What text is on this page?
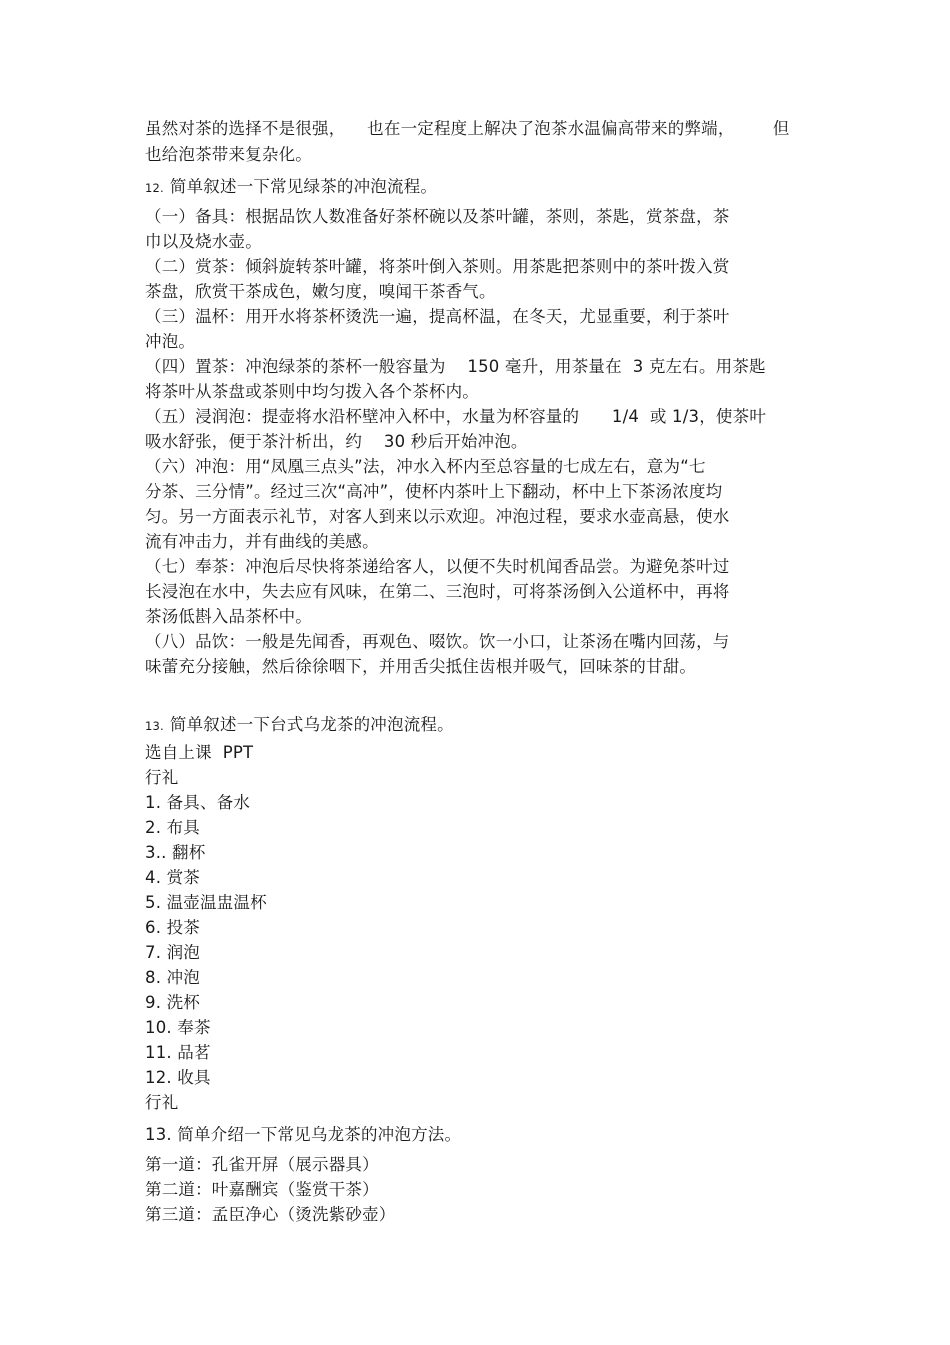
虽然对茶的选择不是很强，    也在一定程度上解决了泡茶水温偏高带来的弊端，       但
也给泡茶带来复杂化。
12. 简单叙述一下常见绿茶的冲泡流程。
（一）备具：根据品饮人数准备好茶杯碗以及茶叶罐，茶则，茶匙，赏茶盘，茶
巾以及烧水壶。
（二）赏茶：倾斜旋转茶叶罐，将茶叶倒入茶则。用茶匙把茶则中的茶叶拨入赏
茶盘，欣赏干茶成色，嫩匀度，嗅闻干茶香气。
（三）温杯：用开水将茶杯烫洗一遍，提高杯温，在冬天，尤显重要，利于茶叶
冲泡。
（四）置茶：冲泡绿茶的茶杯一般容量为    150 毫升，用茶量在  3 克左右。用茶匙
将茶叶从茶盘或茶则中均匀拨入各个茶杯内。
（五）浸润泡：提壶将水沿杯壁冲入杯中，水量为杯容量的      1/4  或 1/3，使茶叶
吸水舒张，便于茶汁析出，约    30 秒后开始冲泡。
（六）冲泡：用“凤凰三点头”法，冲水入杯内至总容量的七成左右，意为“七
分茶、三分情”。经过三次“高冲”，使杯内茶叶上下翻动，杯中上下茶汤浓度均
匀。另一方面表示礼节，对客人到来以示欢迎。冲泡过程，要求水壶高悬，使水
流有冲击力，并有曲线的美感。
（七）奉茶：冲泡后尽快将茶递给客人，以便不失时机闻香品尝。为避免茶叶过
长浸泡在水中，失去应有风味，在第二、三泡时，可将茶汤倒入公道杯中，再将
茶汤低斟入品茶杯中。
（八）品饮：一般是先闻香，再观色、啜饮。饮一小口，让茶汤在嘴内回荡，与
味蕾充分接触，然后徐徐咽下，并用舌尖抵住齿根并吸气，回味茶的甘甜。
13. 简单叙述一下台式乌龙茶的冲泡流程。
选自上课  PPT
行礼
1. 备具、备水
2. 布具
3.. 翻杯
4. 赏茶
5. 温壶温盅温杯
6. 投茶
7. 润泡
8. 冲泡
9. 洗杯
10. 奉茶
11. 品茗
12. 收具
行礼
13. 简单介绍一下常见乌龙茶的冲泡方法。
第一道：孔雀开屏（展示器具）
第二道：叶嘉酬宾（鉴赏干茶）
第三道：孟臣净心（烫洗紫砂壶）
